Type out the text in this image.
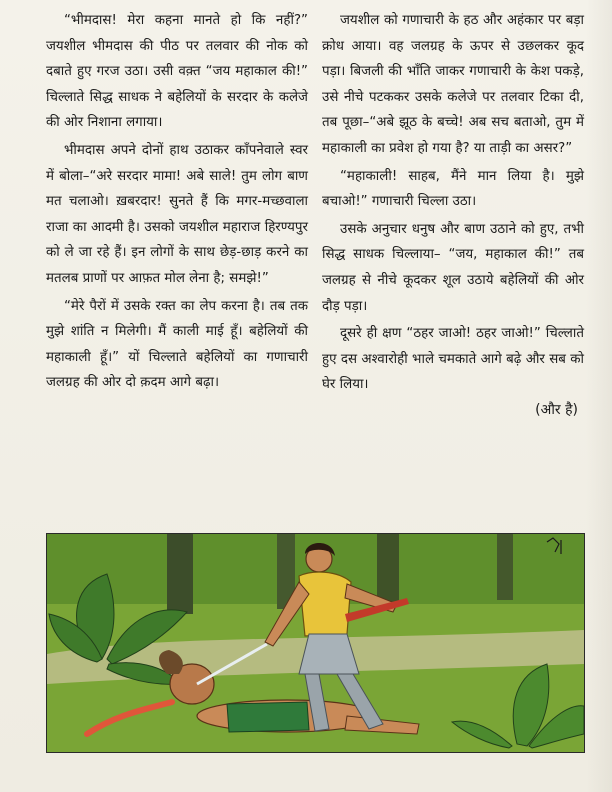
“भीमदास! मेरा कहना मानते हो कि नहीं?” जयशील भीमदास की पीठ पर तलवार की नोक को दबाते हुए गरज उठा। उसी वक़्त “जय महाकाल की!” चिल्लाते सिद्ध साधक ने बहेलियों के सरदार के कलेजे की ओर निशाना लगाया।

भीमदास अपने दोनों हाथ उठाकर काँपनेवाले स्वर में बोला–“अरे सरदार मामा! अबे साले! तुम लोग बाण मत चलाओ। ख़बरदार! सुनते हैं कि मगर-मच्छवाला राजा का आदमी है। उसको जयशील महाराज हिरण्यपुर को ले जा रहे हैं। इन लोगों के साथ छेड़-छाड़ करने का मतलब प्राणों पर आफ़त मोल लेना है; समझे!”

“मेरे पैरों में उसके रक्त का लेप करना है। तब तक मुझे शांति न मिलेगी। मैं काली माई हूँ। बहेलियों की महाकाली हूँ।” यों चिल्लाते बहेलियों का गणाचारी जलग्रह की ओर दो क़दम आगे बढ़ा।

जयशील को गणाचारी के हठ और अहंकार पर बड़ा क्रोध आया। वह जलग्रह के ऊपर से उछलकर कूद पड़ा। बिजली की भाँति जाकर गणाचारी के केश पकड़े, उसे नीचे पटककर उसके कलेजे पर तलवार टिका दी, तब पूछा–“अबे झूठ के बच्चे! अब सच बताओ, तुम में महाकाली का प्रवेश हो गया है? या ताड़ी का असर?”

“महाकाली! साहब, मैंने मान लिया है। मुझे बचाओ!” गणाचारी चिल्ला उठा।

उसके अनुचार धनुष और बाण उठाने को हुए, तभी सिद्ध साधक चिल्लाया– “जय, महाकाल की!” तब जलग्रह से नीचे कूदकर शूल उठाये बहेलियों की ओर दौड़ पड़ा।

दूसरे ही क्षण “ठहर जाओ! ठहर जाओ!” चिल्लाते हुए दस अश्वारोही भाले चमकाते आगे बढ़े और सब को घेर लिया।

(और है)
